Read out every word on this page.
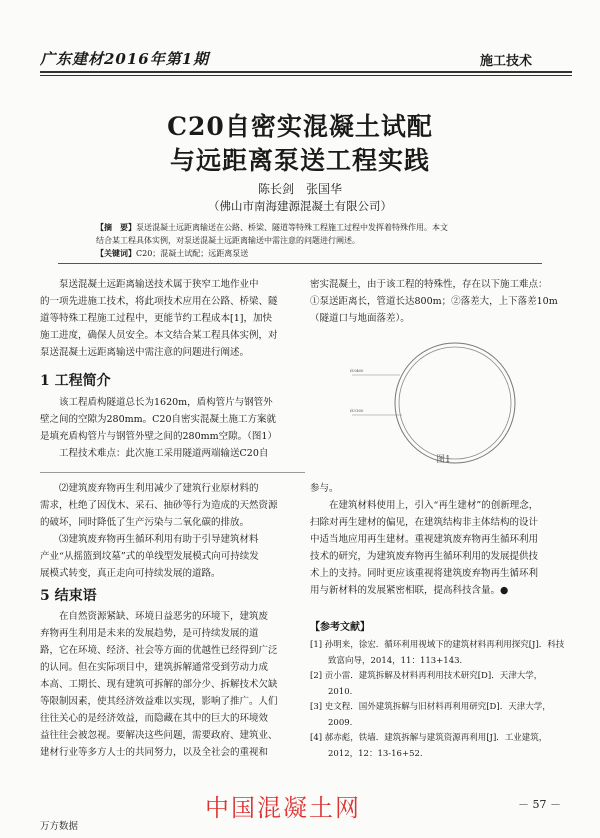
广东建材2016年第1期	施工技术
C20自密实混凝土试配
与远距离泵送工程实践
陈长剑　张国华
（佛山市南海建源混凝土有限公司）
【摘　要】泵送混凝土远距离输送在公路、桥梁、隧道等特殊工程施工过程中发挥着特殊作用。本文
结合某工程具体实例，对泵送混凝土远距离输送中需注意的问题进行阐述。
【关键词】C20；混凝土试配；远距离泵送

泵送混凝土远距离输送技术属于狭窄工地作业中

的一项先进施工技术，将此项技术应用在公路、桥梁、隧
道等特殊工程施工过程中，更能节约工程成本[1]，加快
施工进度，确保人员安全。本文结合某工程具体实例，对
泵送混凝土远距离输送中需注意的问题进行阐述。
1 工程简介

该工程盾构隧道总长为1620m，盾构管片与钢管外

壁之间的空隙为280mm。C20自密实混凝土施工方案就
是填充盾构管片与钢管外壁之间的280mm空隙。（图1）

工程技术难点：此次施工采用隧道两端输送C20自

密实混凝土，由于该工程的特殊性，存在以下施工难点：
①泵送距离长，管道长达800m；②落差大，上下落差10m
（隧道口与地面落差）。
Ø3460
Ø3160
图1

⑵建筑废弃物再生利用减少了建筑行业原材料的

需求，杜绝了因伐木、采石、抽砂等行为造成的天然资源
的破坏，同时降低了生产污染与二氧化碳的排放。

⑶建筑废弃物再生循环利用有助于引导建筑材料

产业“从摇篮到坟墓”式的单线型发展模式向可持续发
展模式转变，真正走向可持续发展的道路。
5 结束语

在自然资源紧缺、环境日益恶劣的环境下，建筑废

弃物再生利用是未来的发展趋势，是可持续发展的道
路，它在环境、经济、社会等方面的优越性已经得到广泛
的认同。但在实际项目中，建筑拆解通常受到劳动力成
本高、工期长、现有建筑可拆解的部分少、拆解技术欠缺
等限制因素，使其经济效益难以实现，影响了推广。人们
往往关心的是经济效益，而隐藏在其中的巨大的环境效
益往往会被忽视。要解决这些问题，需要政府、建筑业、
建材行业等多方人士的共同努力，以及全社会的重视和
参与。

在建筑材料使用上，引入“再生建材”的创新理念，

扫除对再生建材的偏见，在建筑结构非主体结构的设计
中适当地应用再生建材。重视建筑废弃物再生循环利用
技术的研究，为建筑废弃物再生循环利用的发展提供技
术上的支持。同时更应该重视将建筑废弃物再生循环利
用与新材料的发展紧密相联，提高科技含量。●
【参考文献】
[1] 孙明来，徐宏．循环利用视域下的建筑材料再利用探究[J]．科技致富向导，2014，11：113+143.
[2] 贡小雷．建筑拆解及材料再利用技术研究[D]．天津大学，2010.
[3] 史文程．国外建筑拆解与旧材料再利用研究[D]．天津大学，2009.
[4] 郝赤彪，铁墙．建筑拆解与建筑资源再利用[J]．工业建筑，2012，12：13-16+52.
中国混凝土网	－ 57 －
万方数据
